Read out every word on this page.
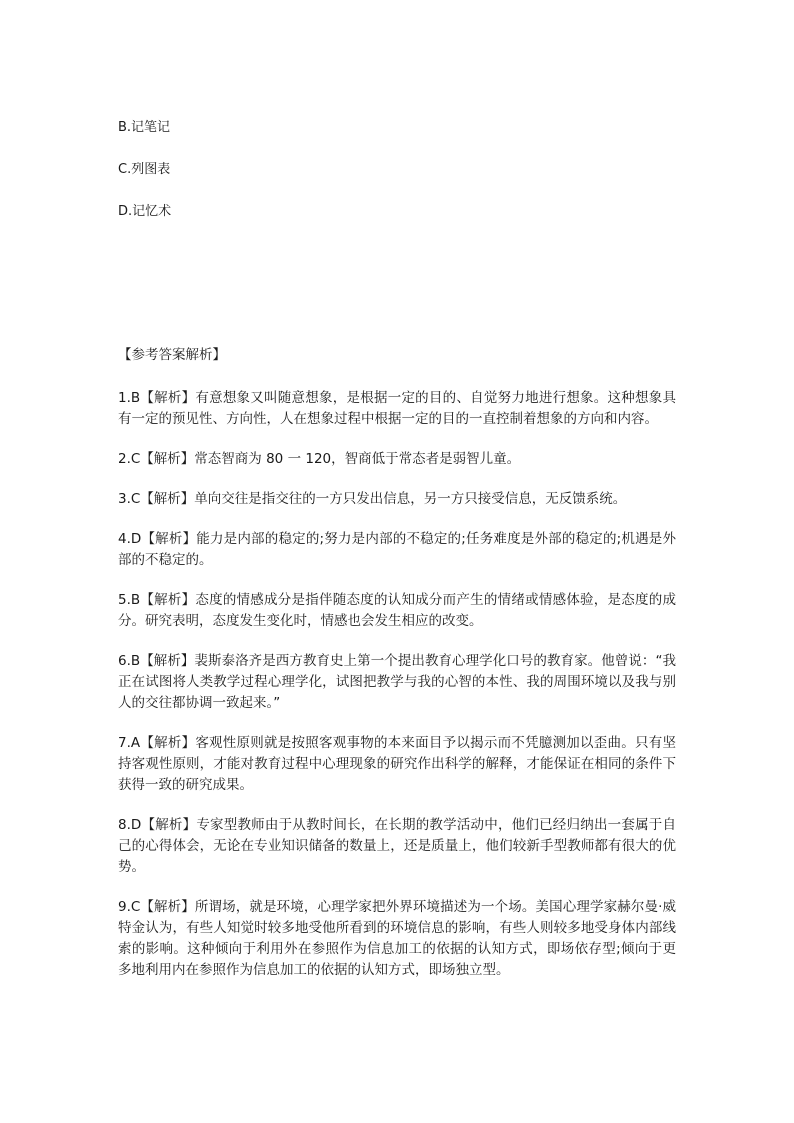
B.记笔记
C.列图表
D.记忆术
【参考答案解析】

1.B【解析】有意想象又叫随意想象，是根据一定的目的、自觉努力地进行想象。这种想象具有一定的预见性、方向性，人在想象过程中根据一定的目的一直控制着想象的方向和内容。

2.C【解析】常态智商为 80 一 120，智商低于常态者是弱智儿童。

3.C【解析】单向交往是指交往的一方只发出信息，另一方只接受信息，无反馈系统。

4.D【解析】能力是内部的稳定的;努力是内部的不稳定的;任务难度是外部的稳定的;机遇是外部的不稳定的。

5.B【解析】态度的情感成分是指伴随态度的认知成分而产生的情绪或情感体验，是态度的成分。研究表明，态度发生变化时，情感也会发生相应的改变。

6.B【解析】裴斯泰洛齐是西方教育史上第一个提出教育心理学化口号的教育家。他曾说：“我正在试图将人类教学过程心理学化，试图把教学与我的心智的本性、我的周围环境以及我与别人的交往都协调一致起来。”

7.A【解析】客观性原则就是按照客观事物的本来面目予以揭示而不凭臆测加以歪曲。只有坚持客观性原则，才能对教育过程中心理现象的研究作出科学的解释，才能保证在相同的条件下获得一致的研究成果。

8.D【解析】专家型教师由于从教时间长，在长期的教学活动中，他们已经归纳出一套属于自己的心得体会，无论在专业知识储备的数量上，还是质量上，他们较新手型教师都有很大的优势。

9.C【解析】所谓场，就是环境，心理学家把外界环境描述为一个场。美国心理学家赫尔曼·威特金认为，有些人知觉时较多地受他所看到的环境信息的影响，有些人则较多地受身体内部线索的影响。这种倾向于利用外在参照作为信息加工的依据的认知方式，即场依存型;倾向于更多地利用内在参照作为信息加工的依据的认知方式，即场独立型。
